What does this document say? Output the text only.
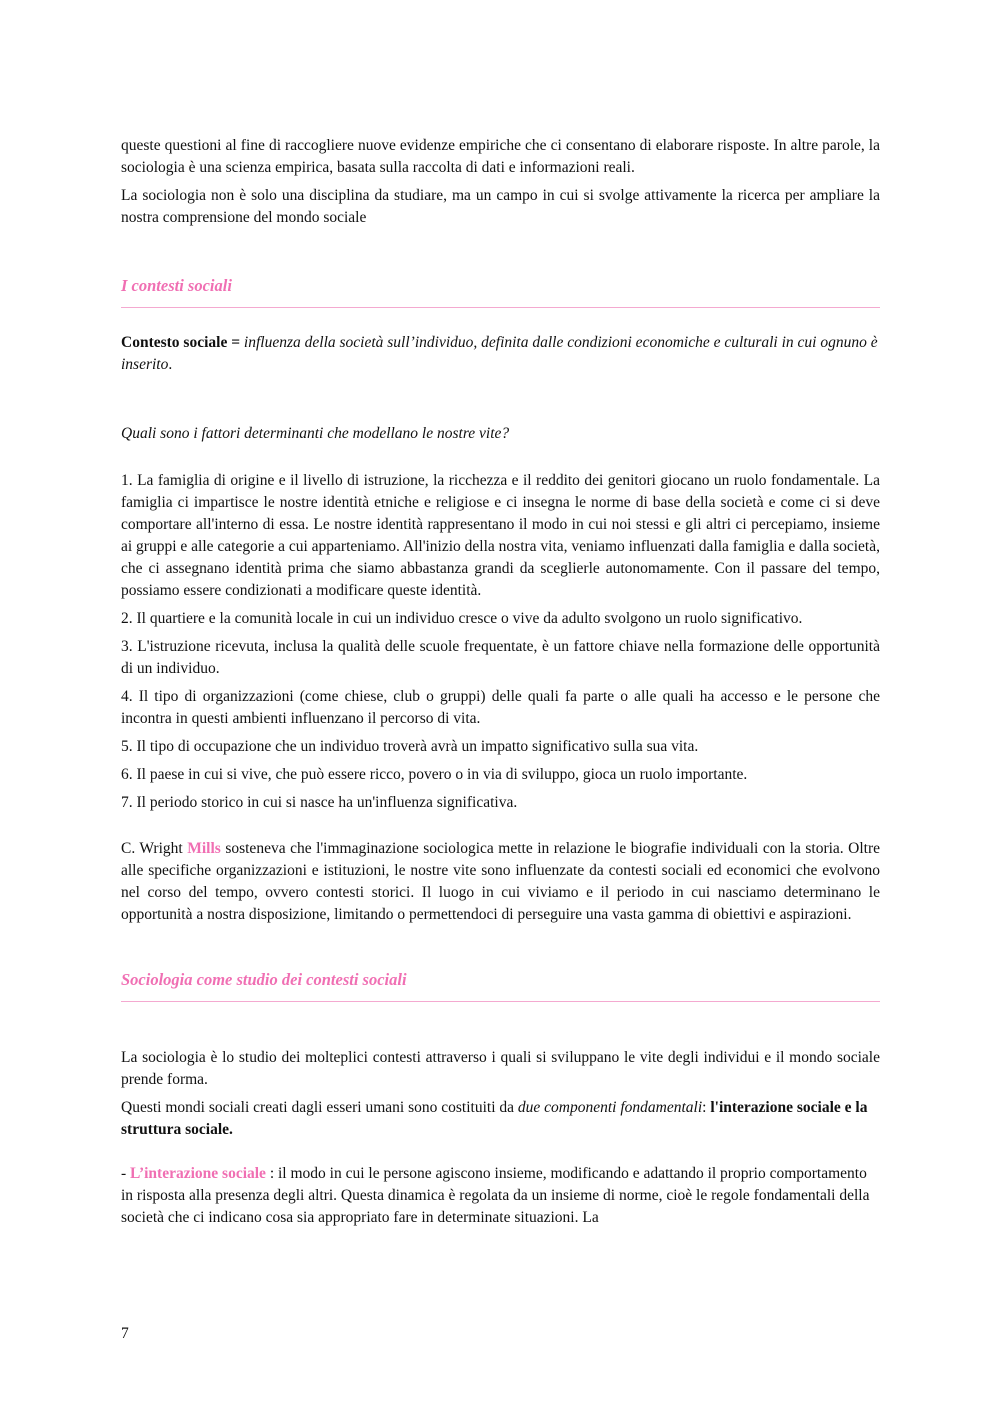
queste questioni al fine di raccogliere nuove evidenze empiriche che ci consentano di elaborare risposte. In altre parole, la sociologia è una scienza empirica, basata sulla raccolta di dati e informazioni reali.

La sociologia non è solo una disciplina da studiare, ma un campo in cui si svolge attivamente la ricerca per ampliare la nostra comprensione del mondo sociale

I contesti sociali

Contesto sociale = influenza della società sull’individuo, definita dalle condizioni economiche e culturali in cui ognuno è inserito.

Quali sono i fattori determinanti che modellano le nostre vite?

1. La famiglia di origine e il livello di istruzione, la ricchezza e il reddito dei genitori giocano un ruolo fondamentale. La famiglia ci impartisce le nostre identità etniche e religiose e ci insegna le norme di base della società e come ci si deve comportare all'interno di essa. Le nostre identità rappresentano il modo in cui noi stessi e gli altri ci percepiamo, insieme ai gruppi e alle categorie a cui apparteniamo. All'inizio della nostra vita, veniamo influenzati dalla famiglia e dalla società, che ci assegnano identità prima che siamo abbastanza grandi da sceglierle autonomamente. Con il passare del tempo, possiamo essere condizionati a modificare queste identità.

2. Il quartiere e la comunità locale in cui un individuo cresce o vive da adulto svolgono un ruolo significativo.

3. L'istruzione ricevuta, inclusa la qualità delle scuole frequentate, è un fattore chiave nella formazione delle opportunità di un individuo.

4. Il tipo di organizzazioni (come chiese, club o gruppi) delle quali fa parte o alle quali ha accesso e le persone che incontra in questi ambienti influenzano il percorso di vita.

5. Il tipo di occupazione che un individuo troverà avrà un impatto significativo sulla sua vita.

6. Il paese in cui si vive, che può essere ricco, povero o in via di sviluppo, gioca un ruolo importante.

7. Il periodo storico in cui si nasce ha un'influenza significativa.

C. Wright Mills sosteneva che l'immaginazione sociologica mette in relazione le biografie individuali con la storia. Oltre alle specifiche organizzazioni e istituzioni, le nostre vite sono influenzate da contesti sociali ed economici che evolvono nel corso del tempo, ovvero contesti storici. Il luogo in cui viviamo e il periodo in cui nasciamo determinano le opportunità a nostra disposizione, limitando o permettendoci di perseguire una vasta gamma di obiettivi e aspirazioni.

Sociologia come studio dei contesti sociali

La sociologia è lo studio dei molteplici contesti attraverso i quali si sviluppano le vite degli individui e il mondo sociale prende forma.

Questi mondi sociali creati dagli esseri umani sono costituiti da due componenti fondamentali: l'interazione sociale e la struttura sociale.

- L’interazione sociale : il modo in cui le persone agiscono insieme, modificando e adattando il proprio comportamento in risposta alla presenza degli altri. Questa dinamica è regolata da un insieme di norme, cioè le regole fondamentali della società che ci indicano cosa sia appropriato fare in determinate situazioni. La

7
